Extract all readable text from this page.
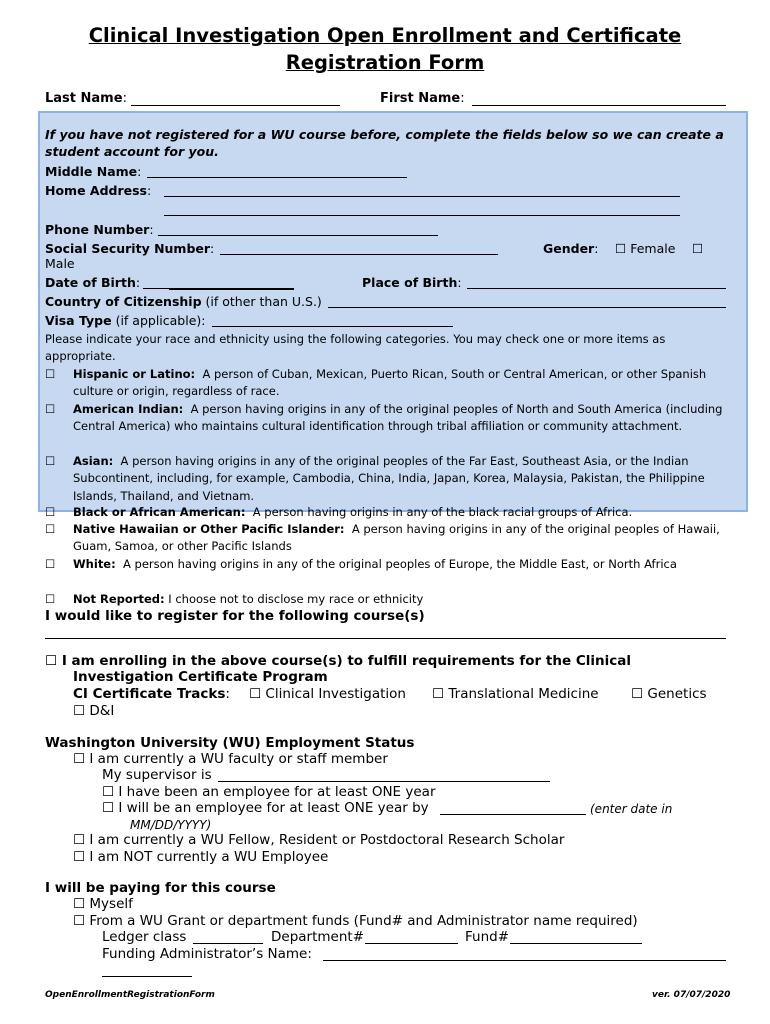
Clinical Investigation Open Enrollment and Certificate
Registration Form
Last Name:	First Name:
If you have not registered for a WU course before, complete the fields below so we can create a student account for you.
Middle Name:
Home Address:
Phone Number:
Social Security Number:	Gender: ☐ Female ☐
Male
Date of Birth:	Place of Birth:
Country of Citizenship (if other than U.S.)
Visa Type (if applicable):
Please indicate your race and ethnicity using the following categories. You may check one or more items as appropriate.
☐ Hispanic or Latino: A person of Cuban, Mexican, Puerto Rican, South or Central American, or other Spanish culture or origin, regardless of race.
☐ American Indian: A person having origins in any of the original peoples of North and South America (including Central America) who maintains cultural identification through tribal affiliation or community attachment.
☐ Asian: A person having origins in any of the original peoples of the Far East, Southeast Asia, or the Indian Subcontinent, including, for example, Cambodia, China, India, Japan, Korea, Malaysia, Pakistan, the Philippine Islands, Thailand, and Vietnam.
☐ Black or African American: A person having origins in any of the black racial groups of Africa.
☐ Native Hawaiian or Other Pacific Islander: A person having origins in any of the original peoples of Hawaii, Guam, Samoa, or other Pacific Islands
☐ White: A person having origins in any of the original peoples of Europe, the Middle East, or North Africa
☐ Not Reported: I choose not to disclose my race or ethnicity
I would like to register for the following course(s)
☐ I am enrolling in the above course(s) to fulfill requirements for the Clinical
Investigation Certificate Program
CI Certificate Tracks: ☐ Clinical Investigation ☐ Translational Medicine ☐ Genetics
☐ D&I
Washington University (WU) Employment Status
☐ I am currently a WU faculty or staff member
My supervisor is
☐ I have been an employee for at least ONE year
☐ I will be an employee for at least ONE year by	(enter date in
MM/DD/YYYY)
☐ I am currently a WU Fellow, Resident or Postdoctoral Research Scholar
☐ I am NOT currently a WU Employee
I will be paying for this course
☐ Myself
☐ From a WU Grant or department funds (Fund# and Administrator name required)
Ledger class	Department#	Fund#
Funding Administrator’s Name:
OpenEnrollmentRegistrationForm	ver. 07/07/2020
